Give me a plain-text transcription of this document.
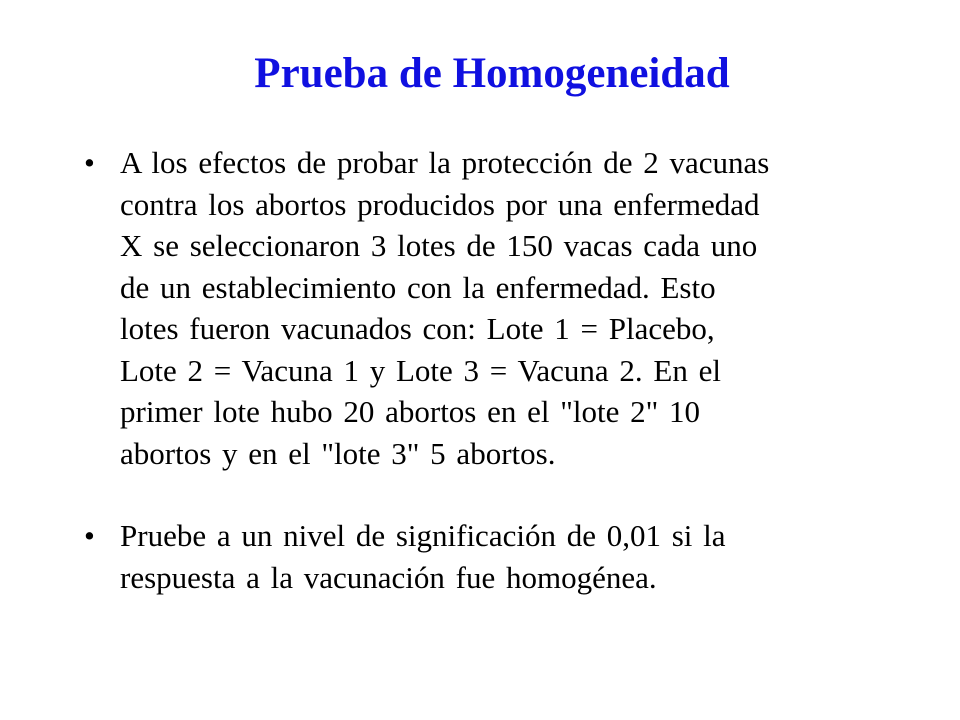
Prueba de Homogeneidad
• A los efectos de probar la protección de 2 vacunas
contra los abortos producidos por una enfermedad
X se seleccionaron 3 lotes de 150 vacas cada uno
de un establecimiento con la enfermedad. Esto
lotes fueron vacunados con: Lote 1 = Placebo,
Lote 2 = Vacuna 1 y Lote 3 = Vacuna 2. En el
primer lote hubo 20 abortos en el "lote 2" 10
abortos y en el "lote 3" 5 abortos.
• Pruebe a un nivel de significación de 0,01 si la
respuesta a la vacunación fue homogénea.
